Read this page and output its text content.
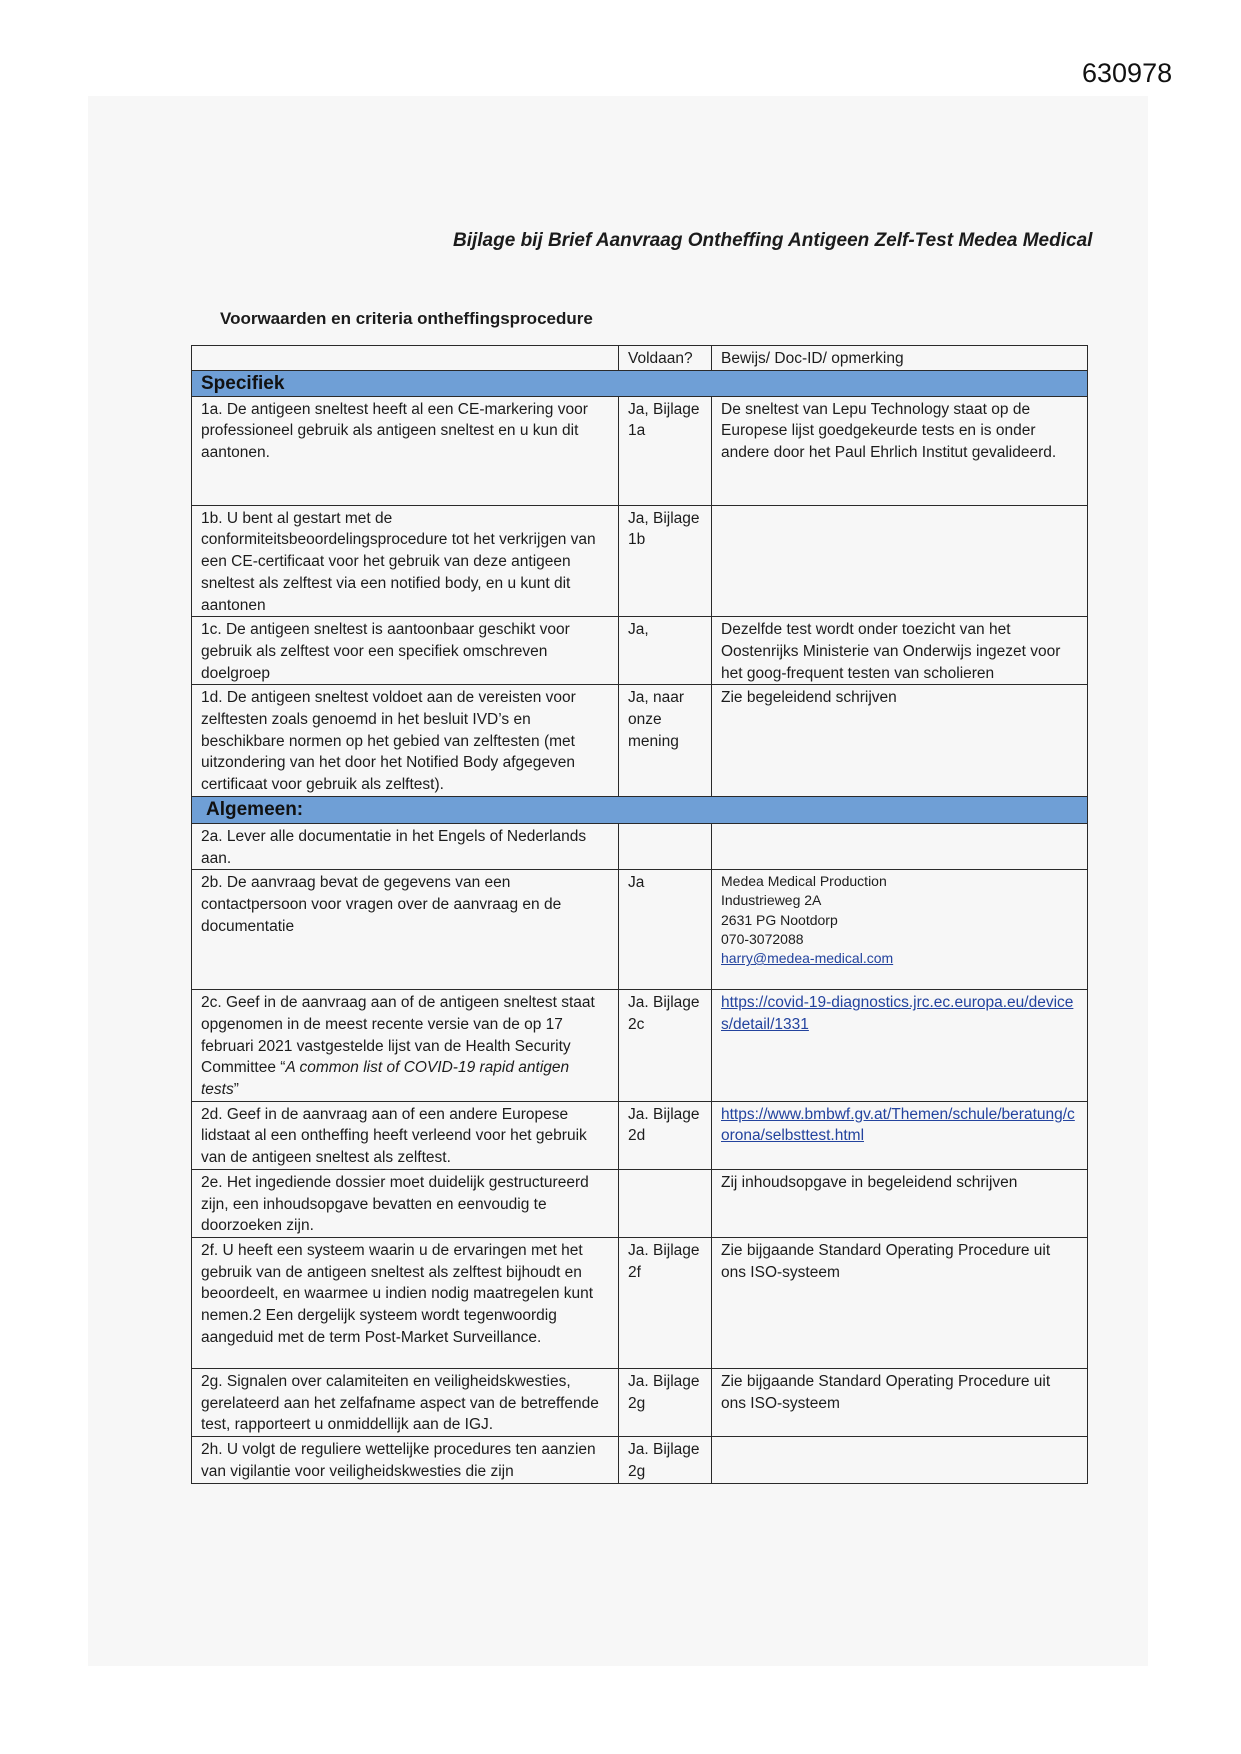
630978
Bijlage bij Brief Aanvraag Ontheffing Antigeen Zelf-Test Medea Medical
Voorwaarden en criteria ontheffingsprocedure
	Voldaan?	Bewijs/ Doc-ID/ opmerking
Specifiek		
1a. De antigeen sneltest heeft al een CE-markering voor professioneel gebruik als antigeen sneltest en u kun dit aantonen.	Ja, Bijlage 1a	De sneltest van Lepu Technology staat op de Europese lijst goedgekeurde tests en is onder andere door het Paul Ehrlich Institut gevalideerd.
1b. U bent al gestart met de conformiteitsbeoordelingsprocedure tot het verkrijgen van een CE-certificaat voor het gebruik van deze antigeen sneltest als zelftest via een notified body, en u kunt dit aantonen	Ja, Bijlage 1b	
1c. De antigeen sneltest is aantoonbaar geschikt voor gebruik als zelftest voor een specifiek omschreven doelgroep	Ja,	Dezelfde test wordt onder toezicht van het Oostenrijks Ministerie van Onderwijs ingezet voor het goog-frequent testen van scholieren
1d. De antigeen sneltest voldoet aan de vereisten voor zelftesten zoals genoemd in het besluit IVD’s en beschikbare normen op het gebied van zelftesten (met uitzondering van het door het Notified Body afgegeven certificaat voor gebruik als zelftest).	Ja, naar onze mening	Zie begeleidend schrijven
Algemeen:		
2a. Lever alle documentatie in het Engels of Nederlands aan.		
2b. De aanvraag bevat de gegevens van een contactpersoon voor vragen over de aanvraag en de documentatie	Ja	Medea Medical Production
Industrieweg 2A
2631 PG Nootdorp
070-3072088
harry@medea-medical.com

2c. Geef in de aanvraag aan of de antigeen sneltest staat opgenomen in de meest recente versie van de op 17 februari 2021 vastgestelde lijst van de Health Security Committee “A common list of COVID-19 rapid antigen tests”	Ja. Bijlage 2c	https://covid-19-diagnostics.jrc.ec.europa.eu/devices/detail/1331
2d. Geef in de aanvraag aan of een andere Europese lidstaat al een ontheffing heeft verleend voor het gebruik van de antigeen sneltest als zelftest.	Ja. Bijlage 2d	https://www.bmbwf.gv.at/Themen/schule/beratung/corona/selbsttest.html
2e. Het ingediende dossier moet duidelijk gestructureerd zijn, een inhoudsopgave bevatten en eenvoudig te doorzoeken zijn.		Zij inhoudsopgave in begeleidend schrijven
2f. U heeft een systeem waarin u de ervaringen met het gebruik van de antigeen sneltest als zelftest bijhoudt en beoordeelt, en waarmee u indien nodig maatregelen kunt nemen.2 Een dergelijk systeem wordt tegenwoordig aangeduid met de term Post-Market Surveillance.	Ja. Bijlage 2f	Zie bijgaande Standard Operating Procedure uit ons ISO-systeem
2g. Signalen over calamiteiten en veiligheidskwesties, gerelateerd aan het zelfafname aspect van de betreffende test, rapporteert u onmiddellijk aan de IGJ.	Ja. Bijlage 2g	Zie bijgaande Standard Operating Procedure uit ons ISO-systeem
2h. U volgt de reguliere wettelijke procedures ten aanzien van vigilantie voor veiligheidskwesties die zijn	Ja. Bijlage 2g	
